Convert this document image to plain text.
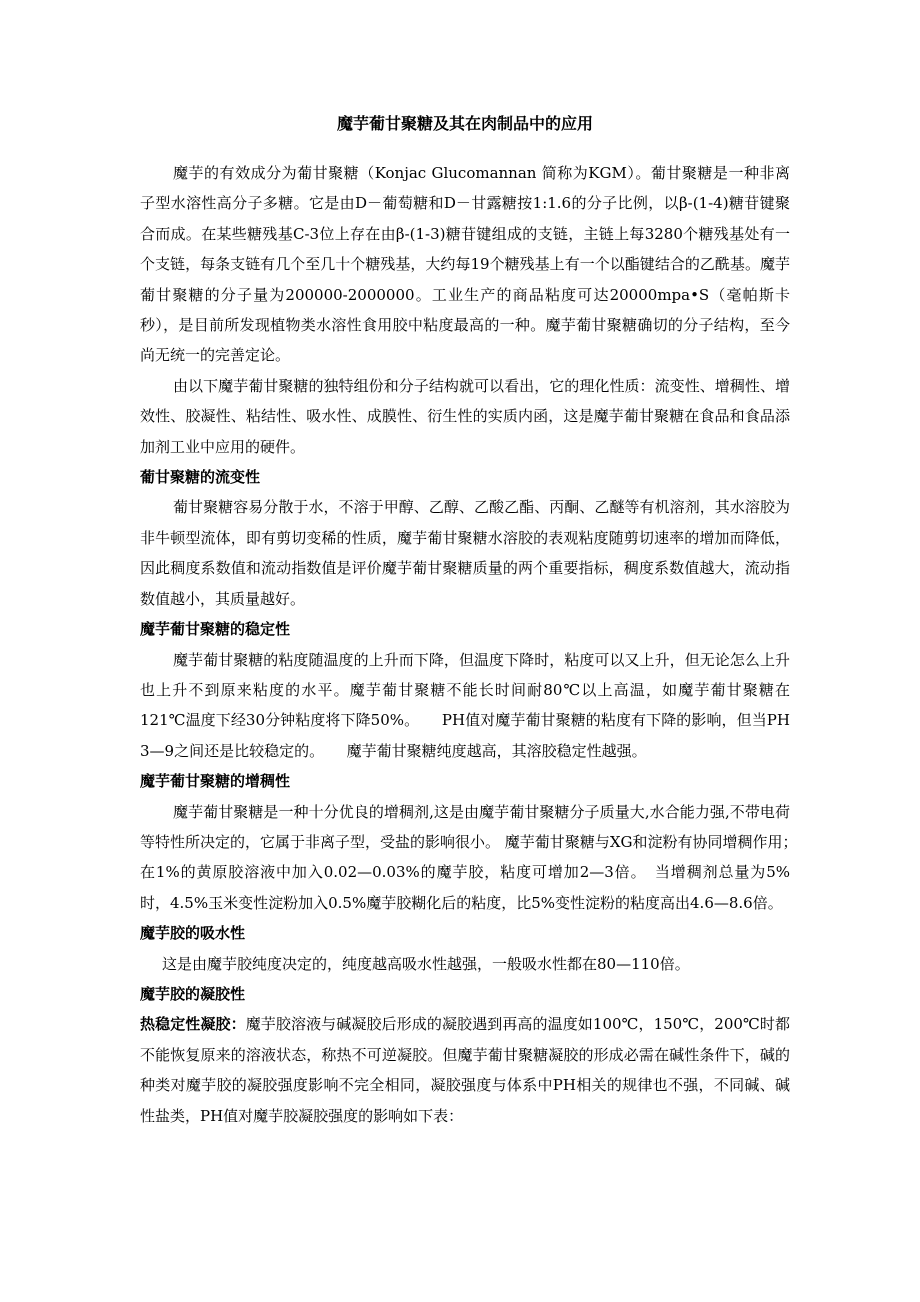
魔芋葡甘聚糖及其在肉制品中的应用

魔芋的有效成分为葡甘聚糖（Konjac Glucomannan 简称为KGM）。葡甘聚糖是一种非离子型水溶性高分子多糖。它是由D－葡萄糖和D－甘露糖按1:1.6的分子比例，以β-(1-4)糖苷键聚合而成。在某些糖残基C-3位上存在由β-(1-3)糖苷键组成的支链，主链上每3280个糖残基处有一个支链，每条支链有几个至几十个糖残基，大约每19个糖残基上有一个以酯键结合的乙酰基。魔芋葡甘聚糖的分子量为200000-2000000。工业生产的商品粘度可达20000mpa•S（毫帕斯卡秒），是目前所发现植物类水溶性食用胶中粘度最高的一种。魔芋葡甘聚糖确切的分子结构，至今尚无统一的完善定论。

由以下魔芋葡甘聚糖的独特组份和分子结构就可以看出，它的理化性质：流变性、增稠性、增效性、胶凝性、粘结性、吸水性、成膜性、衍生性的实质内函，这是魔芋葡甘聚糖在食品和食品添加剂工业中应用的硬件。

葡甘聚糖的流变性

葡甘聚糖容易分散于水，不溶于甲醇、乙醇、乙酸乙酯、丙酮、乙醚等有机溶剂，其水溶胶为非牛顿型流体，即有剪切变稀的性质，魔芋葡甘聚糖水溶胶的表观粘度随剪切速率的增加而降低，因此稠度系数值和流动指数值是评价魔芋葡甘聚糖质量的两个重要指标，稠度系数值越大，流动指数值越小，其质量越好。

魔芋葡甘聚糖的稳定性

魔芋葡甘聚糖的粘度随温度的上升而下降，但温度下降时，粘度可以又上升，但无论怎么上升也上升不到原来粘度的水平。魔芋葡甘聚糖不能长时间耐80℃以上高温，如魔芋葡甘聚糖在121℃温度下经30分钟粘度将下降50%。　　PH值对魔芋葡甘聚糖的粘度有下降的影响，但当PH 3—9之间还是比较稳定的。　　魔芋葡甘聚糖纯度越高，其溶胶稳定性越强。

魔芋葡甘聚糖的增稠性

魔芋葡甘聚糖是一种十分优良的增稠剂,这是由魔芋葡甘聚糖分子质量大,水合能力强,不带电荷等特性所决定的，它属于非离子型，受盐的影响很小。 魔芋葡甘聚糖与XG和淀粉有协同增稠作用；　在1%的黄原胶溶液中加入0.02—0.03%的魔芋胶，粘度可增加2—3倍。　当增稠剂总量为5%时，4.5%玉米变性淀粉加入0.5%魔芋胶糊化后的粘度，比5%变性淀粉的粘度高出4.6—8.6倍。

魔芋胶的吸水性

这是由魔芋胶纯度决定的，纯度越高吸水性越强，一般吸水性都在80—110倍。

魔芋胶的凝胶性

热稳定性凝胶：魔芋胶溶液与碱凝胶后形成的凝胶遇到再高的温度如100℃，150℃，200℃时都不能恢复原来的溶液状态，称热不可逆凝胶。但魔芋葡甘聚糖凝胶的形成必需在碱性条件下，碱的种类对魔芋胶的凝胶强度影响不完全相同，凝胶强度与体系中PH相关的规律也不强，不同碱、碱性盐类，PH值对魔芋胶凝胶强度的影响如下表：
